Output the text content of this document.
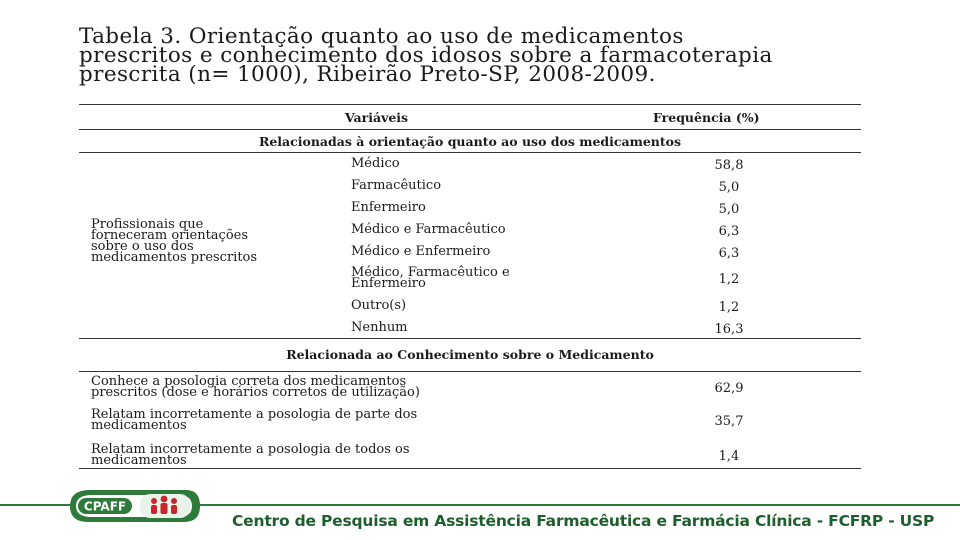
Tabela 3. Orientação quanto ao uso de medicamentos
prescritos e conhecimento dos idosos sobre a farmacoterapia
prescrita (n= 1000), Ribeirão Preto-SP, 2008-2009.
Variáveis	Frequência (%)
Relacionadas à orientação quanto ao uso dos medicamentos
Profissionais que
forneceram orientações
sobre o uso dos
medicamentos prescritos
Médico	58,8
Farmacêutico	5,0
Enfermeiro	5,0
Médico e Farmacêutico	6,3
Médico e Enfermeiro	6,3
Médico, Farmacêutico e
Enfermeiro	1,2
Outro(s)	1,2
Nenhum	16,3
Relacionada ao Conhecimento sobre o Medicamento
Conhece a posologia correta dos medicamentos
prescritos (dose e horários corretos de utilização)	62,9
Relatam incorretamente a posologia de parte dos
medicamentos	35,7
Relatam incorretamente a posologia de todos os
medicamentos	1,4
CPAFF
Centro de Pesquisa em Assistência Farmacêutica e Farmácia Clínica - FCFRP - USP
